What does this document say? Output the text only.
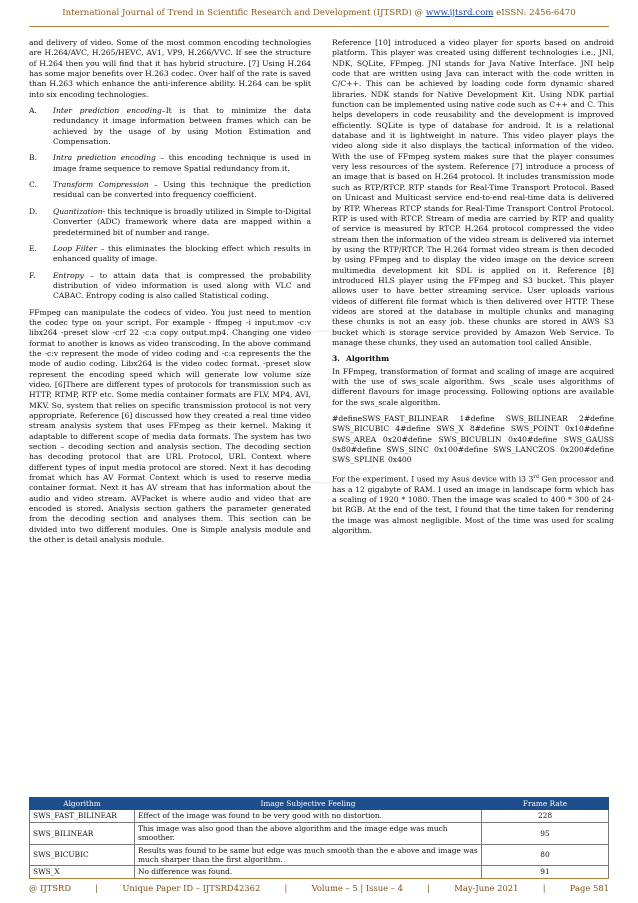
International Journal of Trend in Scientific Research and Development (IJTSRD) @ www.ijtsrd.com eISSN: 2456-6470

and delivery of video. Some of the most common encoding technologies are H.264/AVC, H.265/HEVC, AV1, VP9, H.266/VVC. If see the structure of H.264 then you will find that it has hybrid structure. [7] Using H.264 has some major benefits over H.263 codec. Over half of the rate is saved than H.263 which enhance the anti-inference ability. H.264 can be split into six encoding technologies.

A.	Inter prediction encoding–It is that to minimize the data redundancy it image information between frames which can be achieved by the usage of by using Motion Estimation and Compensation.
B.	Intra prediction encoding – this encoding technique is used in image frame sequence to remove Spatial redundancy from it.
C.	Transform Compression – Using this technique the prediction residual can be converted into frequency coefficient.
D.	Quantization- this technique is broadly utilized in Simple to-Digital Converter (ADC) framework where data are mapped within a predetermined bit of number and range.
E.	Loop Filter – this eliminates the blocking effect which results in enhanced quality of image.
F.	Entropy – to attain data that is compressed the probability distribution of video information is used along with VLC and CABAC. Entropy coding is also called Statistical coding.

FFmpeg can manipulate the codecs of video. You just need to mention the codec type on your script. For example - ffmpeg -i input.mov -c:v libx264 -preset slow -crf 22 -c:a copy output.mp4. Changing one video format to another is knows as video transcoding. In the above command the -c:v represent the mode of video coding and -c:a represents the the mode of audio coding. Libx264 is the video codec format. -preset slow represent the encoding speed which will generate low volume size video. [6]There are different types of protocols for transmission such as HTTP, RTMP, RTP etc. Some media container formats are FLV, MP4, AVI, MKV. So, system that relies on specific transmission protocol is not very appropriate. Reference [6] discussed how they created a real time video stream analysis system that uses FFmpeg as their kernel. Making it adaptable to different scope of media data formats. The system has two section – decoding section and analysis section. The decoding section has decoding protocol that are URL Protocol, URL Context where different types of input media protocol are stored. Next it has decoding fromat which has AV Format Context which is used to reserve media container format. Next it has AV stream that has information about the audio and video stream. AVPacket is where audio and video that are encoded is stored. Analysis section gathers the parameter generated from the decoding section and analyses them. This section can be divided into two different modules. One is Simple analysis module and the other is detail analysis module.

Reference [10] introduced a video player for sports based on android platform. This player was created using different technologies i.e., JNI, NDK, SQLite, FFmpeg. JNI stands for Java Native Interface. JNI help code that are written using Java can interact with the code written in C/C++. This can be achieved by loading code form dynamic shared libraries. NDK stands for Native Development Kit. Using NDK partial function can be implemented using native code such as C++ and C. This helps developers in code reusability and the development is improved efficiently. SQLite is type of database for android. It is a relational database and it is lightweight in nature. This video player plays the video along side it also displays the tactical information of the video. With the use of FFmpeg system makes sure that the player consumes very less resources of the system. Reference [7] introduce a process of an image that is based on H.264 protocol. It includes transmission mode such as RTP/RTCP. RTP stands for Real-Time Transport Protocol. Based on Unicast and Multicast service end-to-end real-time data is delivered by RTP. Whereas RTCP stands for Real-Time Transport Control Protocol. RTP is used with RTCP. Stream of media are carried by RTP and quality of service is measured by RTCP. H.264 protocol compressed the video stream then the information of the video stream is delivered via internet by using the RTP/RTCP. The H.264 format video stream is then decoded by using FFmpeg and to display the video image on the device screen multimedia development kit SDL is applied on it. Reference [8] introduced HLS player using the FFmpeg and S3 bucket. This player allows user to have better streaming service. User uploads various videos of different file format which is then delivered over HTTP. These videos are stored at the database in multiple chunks and managing these chunks is not an easy job. these chunks are stored in AWS S3 bucket which is storage service provided by Amazon Web Service. To manage these chunks, they used an automation tool called Ansible.

3. Algorithm

In FFmpeg, transformation of format and scaling of image are acquired with the use of sws_scale algorithm. Sws _scale uses algorithms of different flavours for image processing. Following options are available for the sws_scale algorithm.

#defineSWS_FAST_BILINEAR 1#define SWS_BILINEAR 2#define SWS_BICUBIC 4#define SWS_X 8#define SWS_POINT 0x10#define SWS_AREA 0x20#define SWS_BICUBLIN 0x40#define SWS_GAUSS 0x80#define SWS_SINC 0x100#define SWS_LANCZOS 0x200#define SWS_SPLINE 0x400

For the experiment, I used my Asus device with i3 3rd Gen processor and has a 12 gigabyte of RAM. I used an image in landscape form which has a scaling of 1920 * 1080. Then the image was scaled to 400 * 300 of 24-bit RGB. At the end of the test, I found that the time taken for rendering the image was almost negligible. Most of the time was used for scaling algorithm.

Algorithm	Image Subjective Feeling	Frame Rate
SWS_FAST_BILINEAR	Effect of the image was found to be very good with no distortion.	228
SWS_BILINEAR	This image was also good than the above algorithm and the image edge was much smoother.	95
SWS_BICUBIC	Results was found to be same but edge was much smooth than the e above and image was much sharper than the first algorithm.	80
SWS_X	No difference was found.	91
@ IJTSRD	|	Unique Paper ID – IJTSRD42362	|	Volume – 5 | Issue – 4	|	May-June 2021	|	Page 581
